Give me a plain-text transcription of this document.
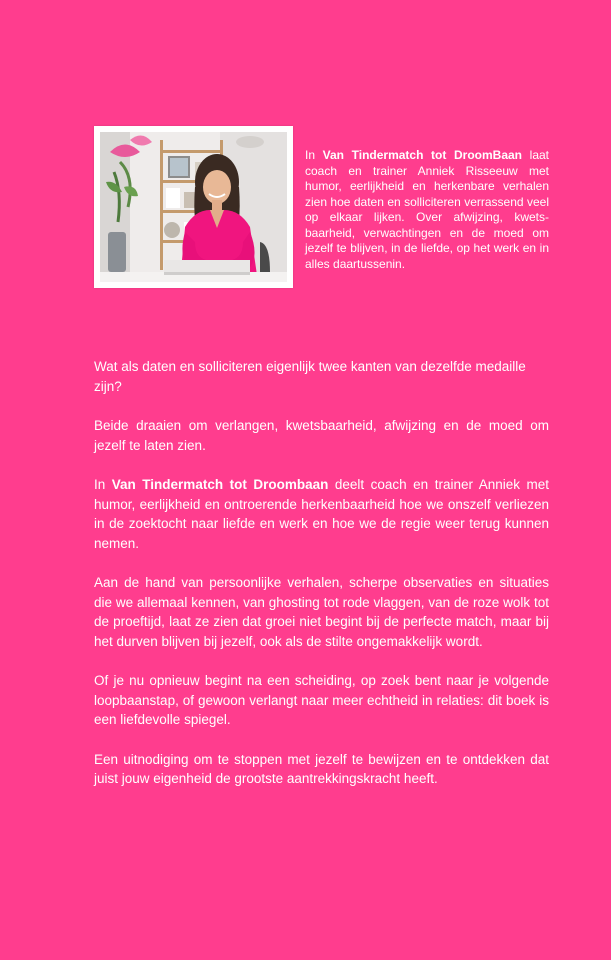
In Van Tindermatch tot DroomBaan laat coach en trainer Anniek Risseeuw met humor, eerlijkheid en herkenbare verhalen zien hoe daten en solliciteren verrassend veel op elkaar lijken. Over afwijzing, kwetsbaarheid, verwachtingen en de moed om jezelf te blijven, in de liefde, op het werk en in alles daartussenin.

Wat als daten en solliciteren eigenlijk twee kanten van dezelfde medaille zijn?

Beide draaien om verlangen, kwetsbaarheid, afwijzing en de moed om jezelf te laten zien.

In Van Tindermatch tot Droombaan deelt coach en trainer Anniek met humor, eerlijkheid en ontroerende herkenbaarheid hoe we onszelf verliezen in de zoektocht naar liefde en werk en hoe we de regie weer terug kunnen nemen.

Aan de hand van persoonlijke verhalen, scherpe observaties en situaties die we allemaal kennen, van ghosting tot rode vlaggen, van de roze wolk tot de proeftijd, laat ze zien dat groei niet begint bij de perfecte match, maar bij het durven blijven bij jezelf, ook als de stilte ongemakkelijk wordt.

Of je nu opnieuw begint na een scheiding, op zoek bent naar je volgende loopbaanstap, of gewoon verlangt naar meer echtheid in relaties: dit boek is een liefdevolle spiegel.

Een uitnodiging om te stoppen met jezelf te bewijzen en te ontdekken dat juist jouw eigenheid de grootste aantrekkingskracht heeft.
